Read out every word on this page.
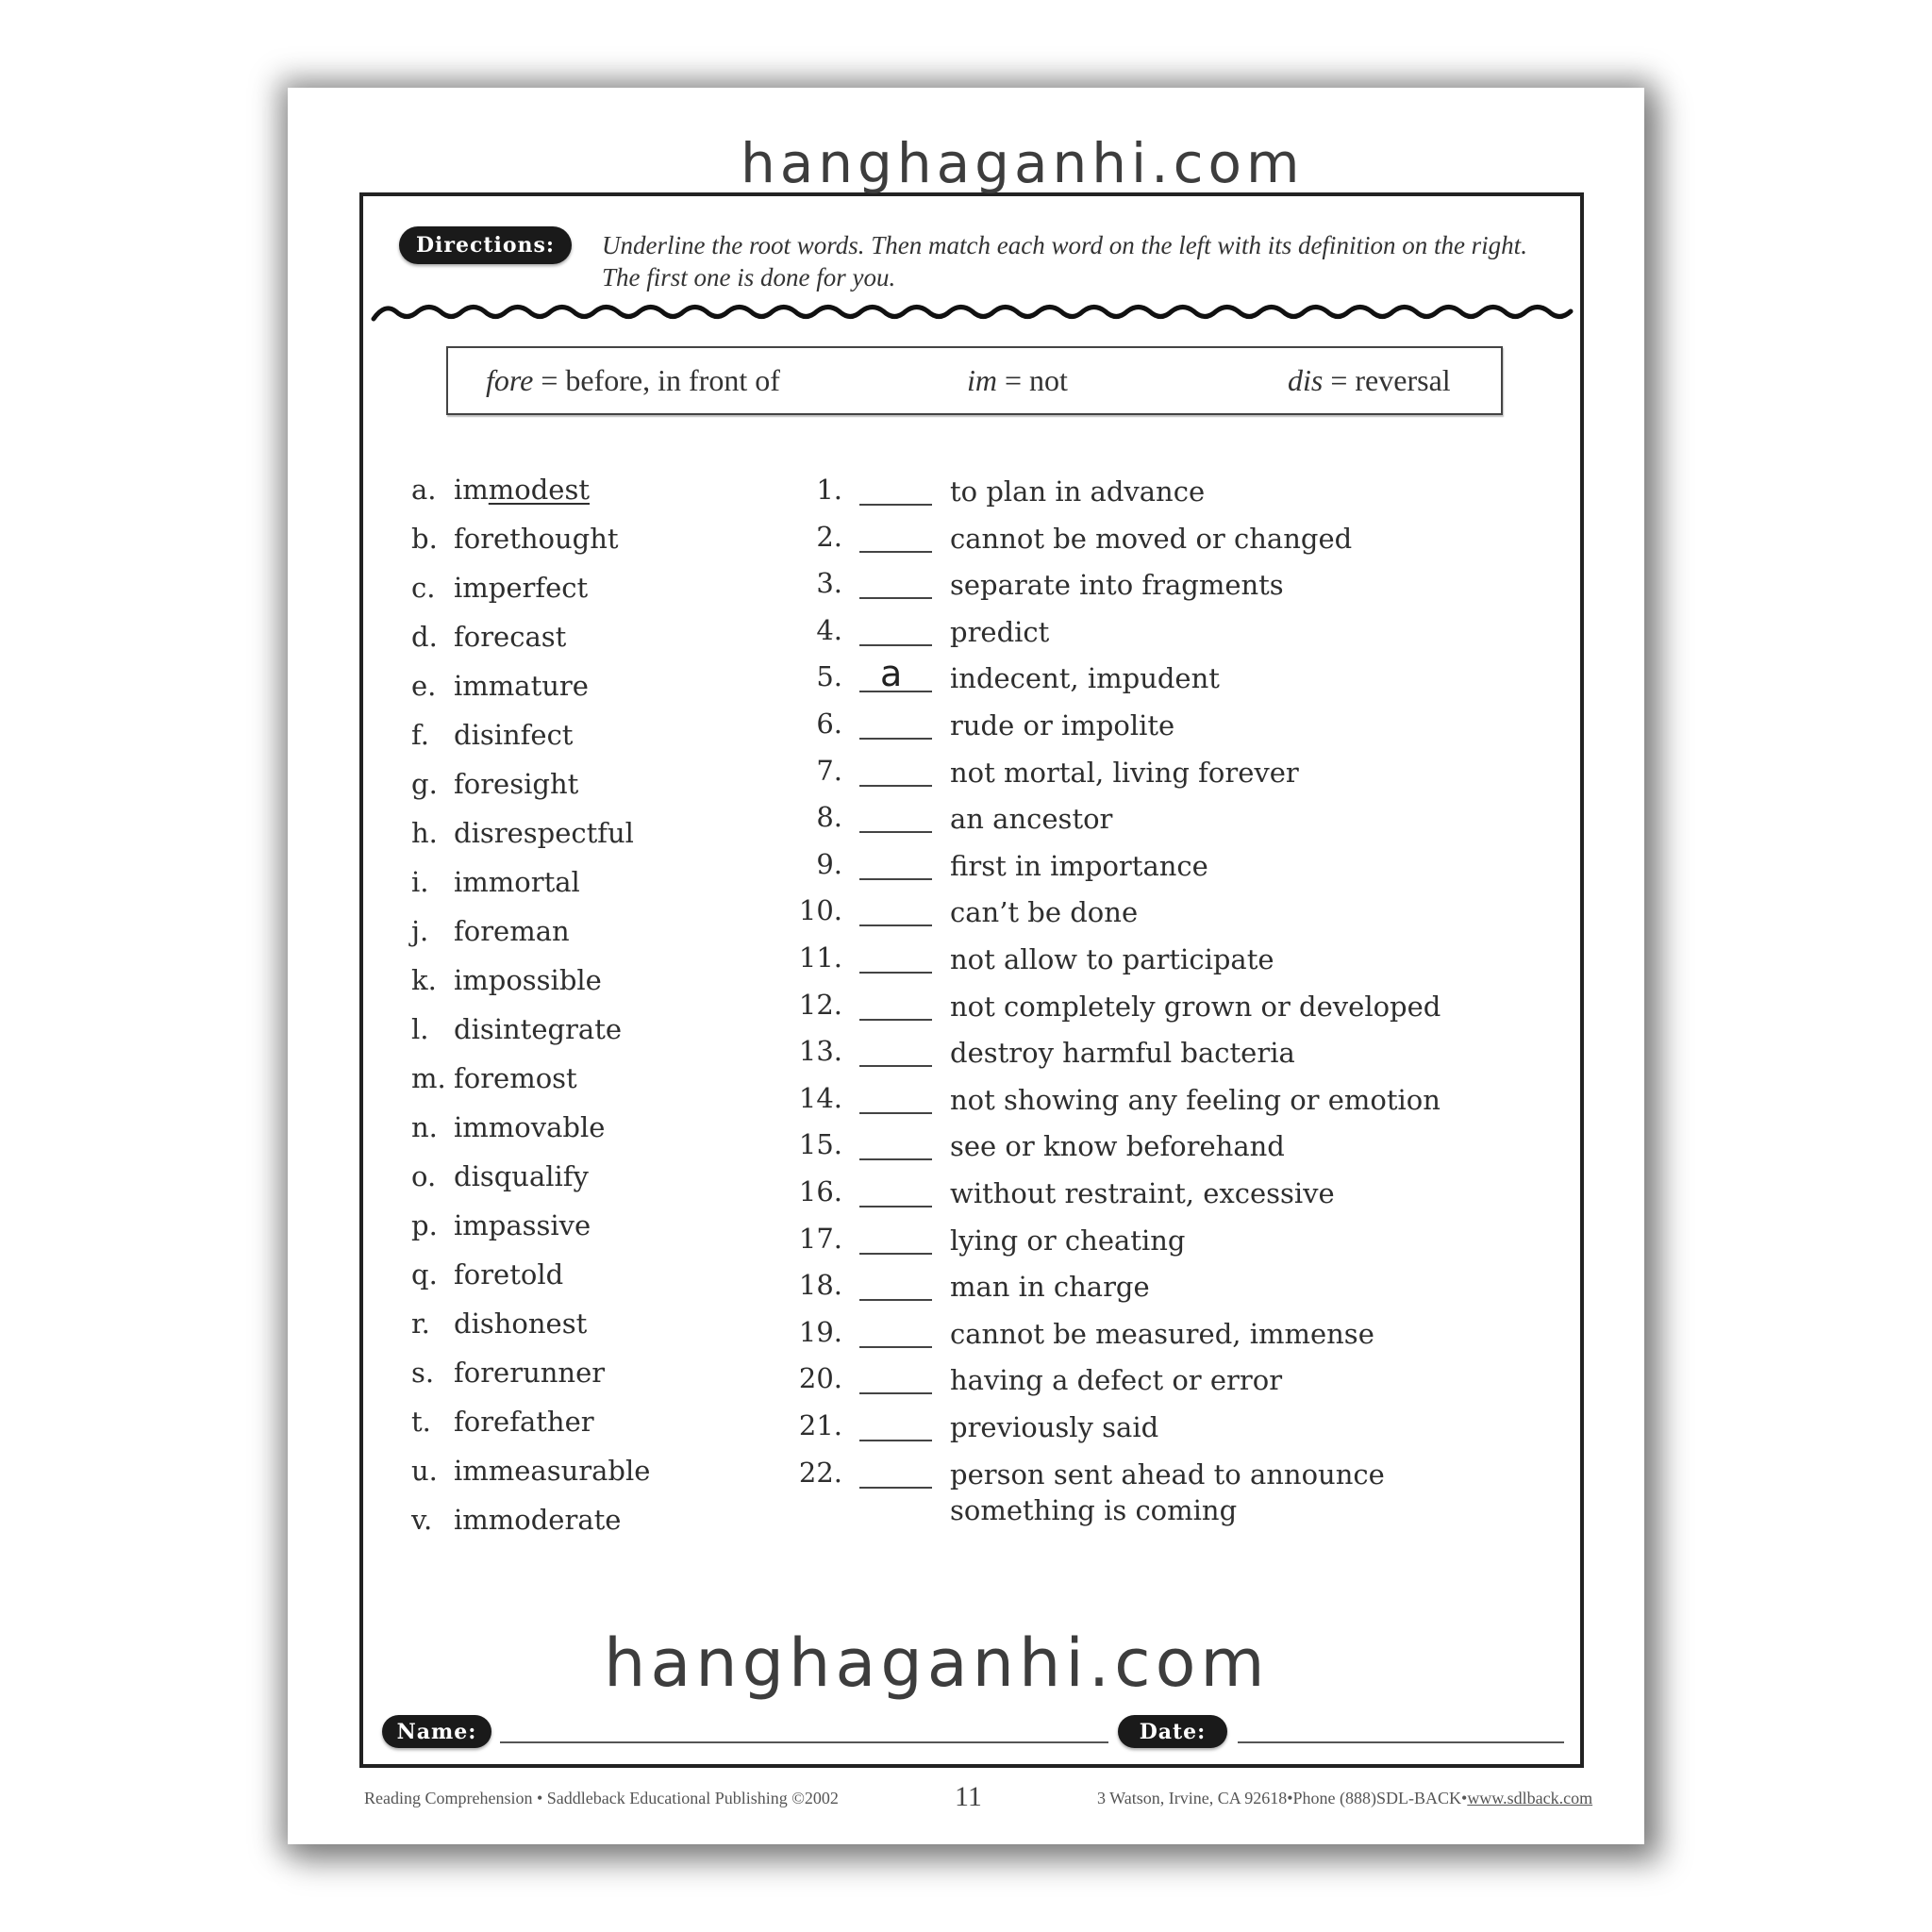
hanghaganhi.com
Directions:	Underline the root words. Then match each word on the left with its definition on the right. The first one is done for you.
fore = before, in front of	im = not	dis = reversal
a. immodest
b. forethought
c. imperfect
d. forecast
e. immature
f. disinfect
g. foresight
h. disrespectful
i. immortal
j. foreman
k. impossible
l. disintegrate
m. foremost
n. immovable
o. disqualify
p. impassive
q. foretold
r. dishonest
s. forerunner
t. forefather
u. immeasurable
v. immoderate
1.	to plan in advance
2.	cannot be moved or changed
3.	separate into fragments
4.	predict
5. a indecent, impudent
6.	rude or impolite
7.	not mortal, living forever
8.	an ancestor
9.	first in importance
10.	can’t be done
11.	not allow to participate
12.	not completely grown or developed
13.	destroy harmful bacteria
14.	not showing any feeling or emotion
15.	see or know beforehand
16.	without restraint, excessive
17.	lying or cheating
18.	man in charge
19.	cannot be measured, immense
20.	having a defect or error
21.	previously said
22.	person sent ahead to announce
something is coming
hanghaganhi.com
Name:	Date:
Reading Comprehension • Saddleback Educational Publishing ©2002	11	3 Watson, Irvine, CA 92618•Phone (888)SDL-BACK•www.sdlback.com
